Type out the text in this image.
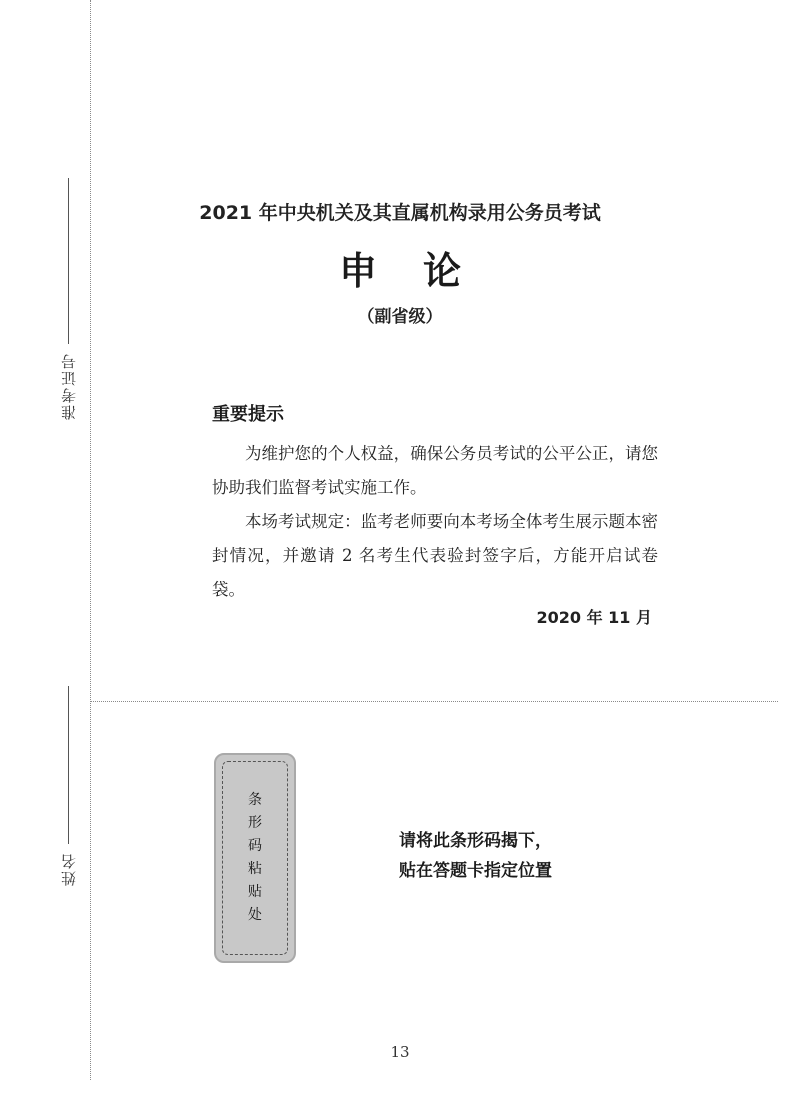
准考证号
姓名
2021 年中央机关及其直属机构录用公务员考试
申论
（副省级）
重要提示

为维护您的个人权益，确保公务员考试的公平公正，请您协助我们监督考试实施工作。

本场考试规定：监考老师要向本考场全体考生展示题本密封情况，并邀请 2 名考生代表验封签字后，方能开启试卷袋。

2020 年 11 月
条
形
码
粘
贴
处
请将此条形码揭下，
贴在答题卡指定位置
13
